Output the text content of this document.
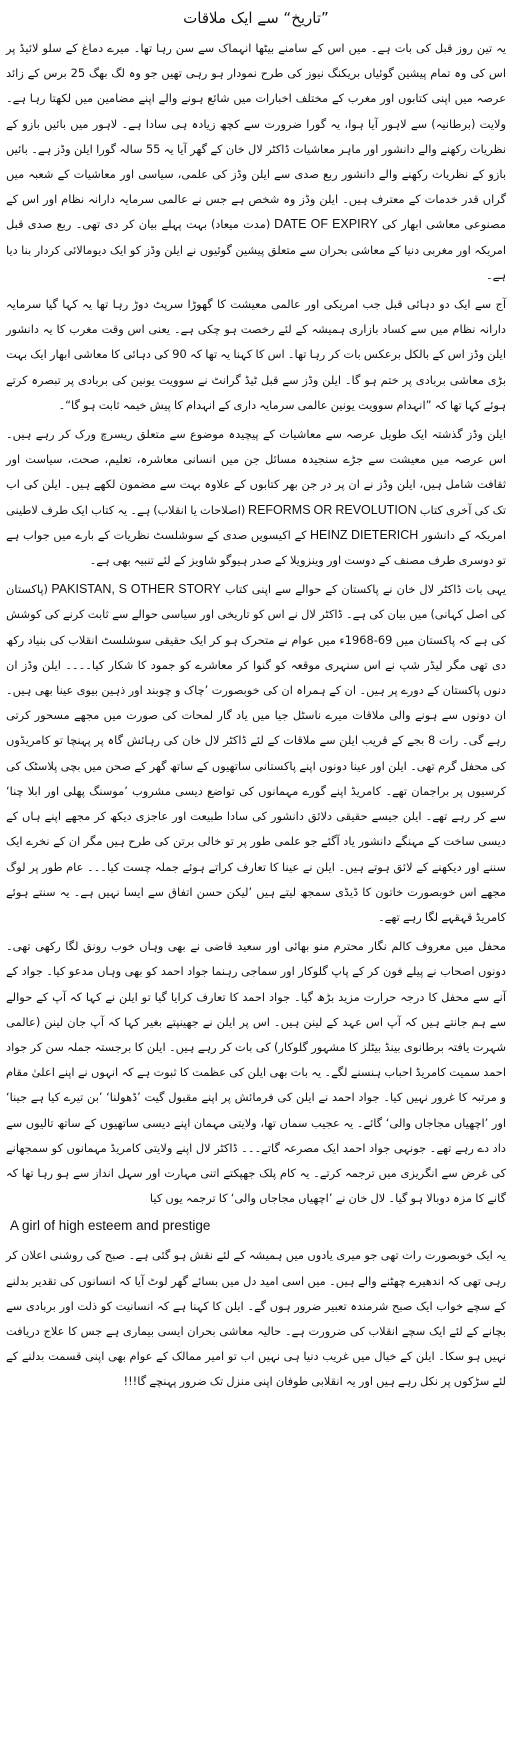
”تاریخ“ سے ایک ملاقات

یہ تین روز قبل کی بات ہے۔ میں اس کے سامنے بیٹھا انہماک سے سن رہا تھا۔ میرے دماغ کے سلو لائیڈ پر اس کی وہ تمام پیشین گوئیاں بریکنگ نیوز کی طرح نمودار ہو رہی تھیں جو وہ لگ بھگ 25 برس کے زائد عرصہ میں اپنی کتابوں اور مغرب کے مختلف اخبارات میں شائع ہونے والے اپنے مضامین میں لکھتا رہا ہے۔ ولایت (برطانیہ) سے لاہور آیا ہوا، یہ گورا ضرورت سے کچھ زیادہ ہی سادا ہے۔ لاہور میں بائیں بازو کے نظریات رکھنے والے دانشور اور ماہر معاشیات ڈاکٹر لال خان کے گھر آیا یہ 55 سالہ گورا ایلن وڈز ہے۔ بائیں بازو کے نظریات رکھنے والے دانشور ربع صدی سے ایلن وڈز کی علمی، سیاسی اور معاشیات کے شعبہ میں گراں قدر خدمات کے معترف ہیں۔ ایلن وڈز وہ شخص ہے جس نے عالمی سرمایہ دارانہ نظام اور اس کے مصنوعی معاشی ابھار کی DATE OF EXPIRY (مدت میعاد) بہت پہلے بیان کر دی تھی۔ ربع صدی قبل امریکہ اور مغربی دنیا کے معاشی بحران سے متعلق پیشین گوئیوں نے ایلن وڈز کو ایک دیومالائی کردار بنا دیا ہے۔

آج سے ایک دو دہائی قبل جب امریکی اور عالمی معیشت کا گھوڑا سرپٹ دوڑ رہا تھا یہ کہا گیا سرمایہ دارانہ نظام میں سے کساد بازاری ہمیشہ کے لئے رخصت ہو چکی ہے۔ یعنی اس وقت مغرب کا یہ دانشور ایلن وڈز اس کے بالکل برعکس بات کر رہا تھا۔ اس کا کہنا یہ تھا کہ 90 کی دہائی کا معاشی ابھار ایک بہت بڑی معاشی بربادی پر ختم ہو گا۔ ایلن وڈز سے قبل ٹیڈ گرانٹ نے سوویت یونین کی بربادی پر تبصرہ کرتے ہوئے کہا تھا کہ ”انہدام سوویت یونین عالمی سرمایہ داری کے انہدام کا پیش خیمہ ثابت ہو گا“۔

ایلن وڈز گذشتہ ایک طویل عرصہ سے معاشیات کے پیچیدہ موضوع سے متعلق ریسرچ ورک کر رہے ہیں۔ اس عرصہ میں معیشت سے جڑے سنجیدہ مسائل جن میں انسانی معاشرہ، تعلیم، صحت، سیاست اور ثقافت شامل ہیں، ایلن وڈز نے ان پر در جن بھر کتابوں کے علاوہ بہت سے مضمون لکھے ہیں۔ ایلن کی اب تک کی آخری کتاب REFORMS OR REVOLUTION (اصلاحات یا انقلاب) ہے۔ یہ کتاب ایک طرف لاطینی امریکہ کے دانشور HEINZ DIETERICH کے اکیسویں صدی کے سوشلسٹ نظریات کے بارے میں جواب ہے تو دوسری طرف مصنف کے دوست اور وینزویلا کے صدر ہیوگو شاویز کے لئے تنبیہ بھی ہے۔

یہی بات ڈاکٹر لال خان نے پاکستان کے حوالے سے اپنی کتاب PAKISTAN, S OTHER STORY (پاکستان کی اصل کہانی) میں بیان کی ہے۔ ڈاکٹر لال نے اس کو تاریخی اور سیاسی حوالے سے ثابت کرنے کی کوشش کی ہے کہ پاکستان میں 69-1968ء میں عوام نے متحرک ہو کر ایک حقیقی سوشلسٹ انقلاب کی بنیاد رکھ دی تھی مگر لیڈر شپ نے اس سنہری موقعہ کو گنوا کر معاشرے کو جمود کا شکار کیا۔۔۔۔ ایلن وڈز ان دنوں پاکستان کے دورے پر ہیں۔ ان کے ہمراہ ان کی خوبصورت ’چاک و چوبند اور ذہین بیوی عینا بھی ہیں۔ ان دونوں سے ہونے والی ملاقات میرے ناسٹل جیا میں یاد گار لمحات کی صورت میں مجھے مسحور کرتی رہے گی۔ رات 8 بجے کے قریب ایلن سے ملاقات کے لئے ڈاکٹر لال خان کی رہائش گاہ پر پہنچا تو کامریڈوں کی محفل گرم تھی۔ ایلن اور عینا دونوں اپنے پاکستانی ساتھیوں کے ساتھ گھر کے صحن میں بچی پلاسٹک کی کرسیوں پر براجمان تھے۔ کامریڈ اپنے گورے مہمانوں کی تواضع دیسی مشروب ’موسنگ پھلی اور ابلا چنا‘ سے کر رہے تھے۔ ایلن جیسے حقیقی دلائق دانشور کی سادا طبیعت اور عاجزی دیکھ کر مجھے اپنے ہاں کے دیسی ساخت کے مہنگے دانشور یاد آگئے جو علمی طور پر تو خالی برتن کی طرح ہیں مگر ان کے نخرے ایک سننے اور دیکھنے کے لائق ہوتے ہیں۔ ایلن نے عینا کا تعارف کراتے ہوئے جملہ چست کیا۔۔۔ عام طور پر لوگ مجھے اس خوبصورت خاتون کا ڈیڈی سمجھ لیتے ہیں ’لیکن حسن اتفاق سے ایسا نہیں ہے۔ یہ سنتے ہوئے کامریڈ قہقہے لگا رہے تھے۔

محفل میں معروف کالم نگار محترم منو بھائی اور سعید قاضی نے بھی وہاں خوب رونق لگا رکھی تھی۔ دونوں اصحاب نے پیلے فون کر کے پاپ گلوکار اور سماجی رہنما جواد احمد کو بھی وہاں مدعو کیا۔ جواد کے آنے سے محفل کا درجہ حرارت مزید بڑھ گیا۔ جواد احمد کا تعارف کرایا گیا تو ایلن نے کہا کہ آپ کے حوالے سے ہم جانتے ہیں کہ آپ اس عہد کے لینن ہیں۔ اس پر ایلن نے جھینپتے بغیر کہا کہ آپ جان لینن (عالمی شہرت یافتہ برطانوی بینڈ بیٹلز کا مشہور گلوکار) کی بات کر رہے ہیں۔ ایلن کا برجستہ جملہ سن کر جواد احمد سمیت کامریڈ احباب ہنسنے لگے۔ یہ بات بھی ایلن کی عظمت کا ثبوت ہے کہ انہوں نے اپنے اعلیٰ مقام و مرتبہ کا غرور نہیں کیا۔ جواد احمد نے ایلن کی فرمائش پر اپنے مقبول گیت ’ڈھولنا‘ ’بن تیرے کیا ہے جینا‘ اور ’اچھیاں مجاجاں والی‘ گائے۔ یہ عجیب سماں تھا، ولایتی مہمان اپنے دیسی ساتھیوں کے ساتھ تالیوں سے داد دے رہے تھے۔ جونہی جواد احمد ایک مصرعہ گاتے۔۔۔ ڈاکٹر لال اپنے ولایتی کامریڈ مہمانوں کو سمجھانے کی غرض سے انگریزی میں ترجمہ کرتے۔ یہ کام پلک جھپکتے اتنی مہارت اور سہل انداز سے ہو رہا تھا کہ گانے کا مزہ دوبالا ہو گیا۔ لال خان نے ’اچھیاں مجاجاں والی‘ کا ترجمہ یوں کیا

A girl of high esteem and prestige

یہ ایک خوبصورت رات تھی جو میری یادوں میں ہمیشہ کے لئے نقش ہو گئی ہے۔ صبح کی روشنی اعلان کر رہی تھی کہ اندھیرے چھٹنے والے ہیں۔ میں اسی امید دل میں بسائے گھر لوٹ آیا کہ انسانوں کی تقدیر بدلنے کے سچے خواب ایک صبح شرمندہ تعبیر ضرور ہوں گے۔ ایلن کا کہنا ہے کہ انسانیت کو ذلت اور بربادی سے بچانے کے لئے ایک سچے انقلاب کی ضرورت ہے۔ حالیہ معاشی بحران ایسی بیماری ہے جس کا علاج دریافت نہیں ہو سکا۔ ایلن کے خیال میں غریب دنیا ہی نہیں اب تو امیر ممالک کے عوام بھی اپنی قسمت بدلنے کے لئے سڑکوں پر نکل رہے ہیں اور یہ انقلابی طوفان اپنی منزل تک ضرور پہنچے گا!!!
